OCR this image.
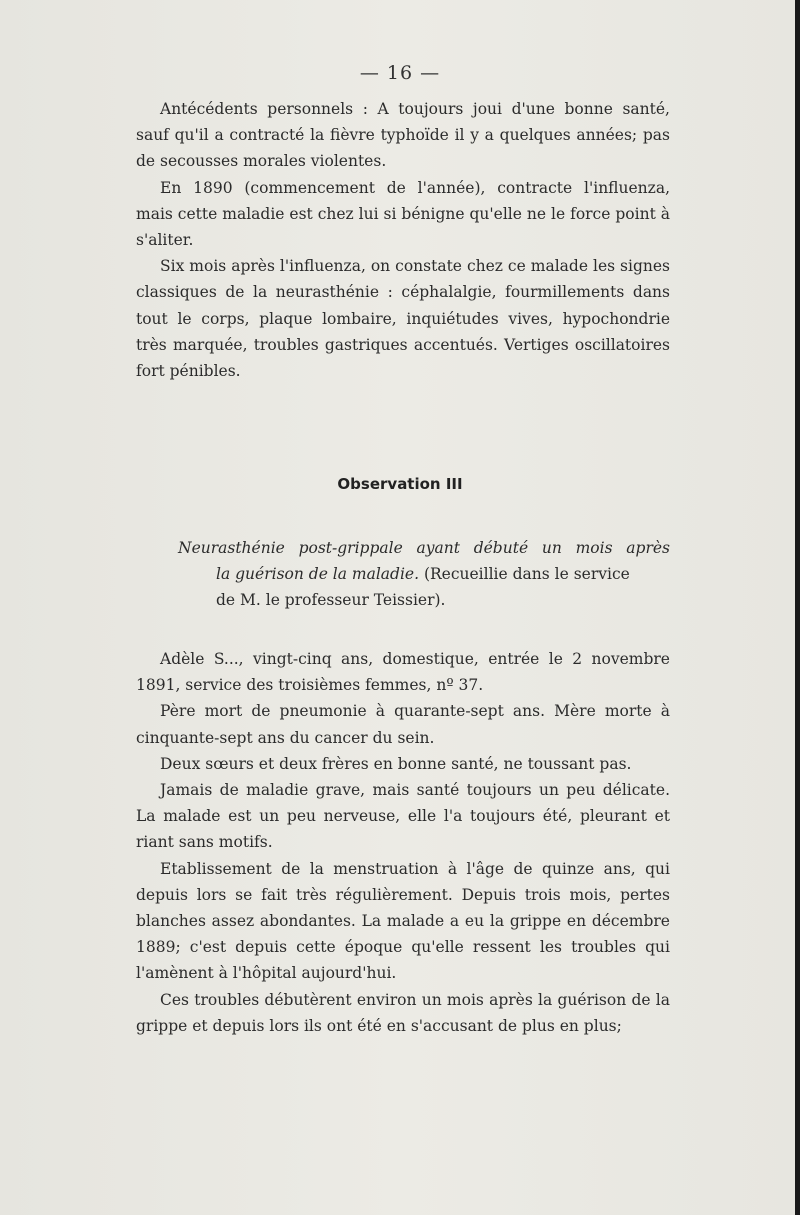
— 16 —

Antécédents personnels : A toujours joui d'une bonne santé, sauf qu'il a contracté la fièvre typhoïde il y a quelques années; pas de secousses morales violentes.

En 1890 (commencement de l'année), contracte l'influenza, mais cette maladie est chez lui si bénigne qu'elle ne le force point à s'aliter.

Six mois après l'influenza, on constate chez ce malade les signes classiques de la neurasthénie : céphalalgie, fourmillements dans tout le corps, plaque lombaire, inquiétudes vives, hypochondrie très marquée, troubles gastriques accentués. Vertiges oscillatoires fort pénibles.

Observation III
Neurasthénie post-grippale ayant débuté un mois après
la guérison de la maladie. (Recueillie dans le service
de M. le professeur Teissier).

Adèle S..., vingt-cinq ans, domestique, entrée le 2 novembre 1891, service des troisièmes femmes, nº 37.

Père mort de pneumonie à quarante-sept ans. Mère morte à cinquante-sept ans du cancer du sein.

Deux sœurs et deux frères en bonne santé, ne toussant pas.

Jamais de maladie grave, mais santé toujours un peu délicate. La malade est un peu nerveuse, elle l'a toujours été, pleurant et riant sans motifs.

Etablissement de la menstruation à l'âge de quinze ans, qui depuis lors se fait très régulièrement. Depuis trois mois, pertes blanches assez abondantes. La malade a eu la grippe en décembre 1889; c'est depuis cette époque qu'elle ressent les troubles qui l'amènent à l'hôpital aujourd'hui.

Ces troubles débutèrent environ un mois après la guérison de la grippe et depuis lors ils ont été en s'accusant de plus en plus;
